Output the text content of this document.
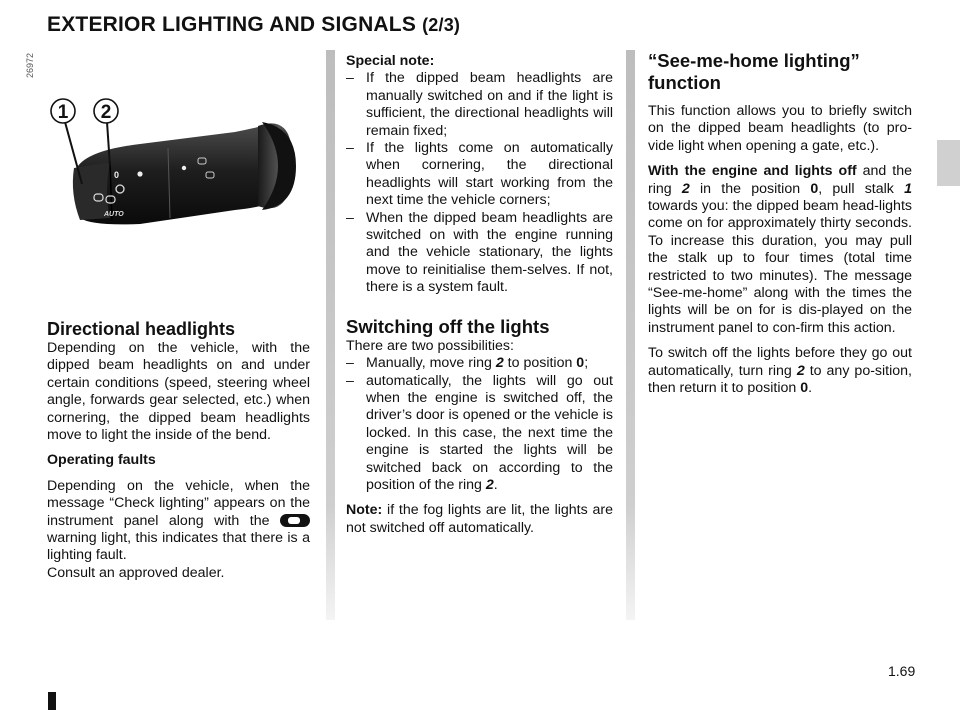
EXTERIOR LIGHTING AND SIGNALS (2/3)
0
AUTO
1 2
26972

Directional headlights

Depending on the vehicle, with the dipped beam headlights on and under certain conditions (speed, steering wheel angle, forwards gear selected, etc.) when cornering, the dipped beam headlights move to light the inside of the bend.

Operating faults

Depending on the vehicle, when the message “Check lighting” appears on the instrument panel along with the  warning light, this indicates that there is a lighting fault.

Consult an approved dealer.

Special note:

– If the dipped beam headlights are manually switched on and if the light is sufficient, the directional headlights will remain fixed;
– If the lights come on automatically when cornering, the directional headlights will start working from the next time the vehicle corners;
– When the dipped beam headlights are switched on with the engine running and the vehicle stationary, the lights move to reinitialise them-selves. If not, there is a system fault.

Switching off the lights

There are two possibilities:

– Manually, move ring 2 to position 0;
– automatically, the lights will go out when the engine is switched off, the driver’s door is opened or the vehicle is locked. In this case, the next time the engine is started the lights will be switched back on according to the position of the ring 2.

Note: if the fog lights are lit, the lights are not switched off automatically.

“See-me-home lighting” function

This function allows you to briefly switch on the dipped beam headlights (to pro-vide light when opening a gate, etc.).

With the engine and lights off and the ring 2 in the position 0, pull stalk 1 towards you: the dipped beam head-lights come on for approximately thirty seconds. To increase this duration, you may pull the stalk up to four times (total time restricted to two minutes). The message “See-me-home” along with the times the lights will be on for is dis-played on the instrument panel to con-firm this action.

To switch off the lights before they go out automatically, turn ring 2 to any po-sition, then return it to position 0.

1.69
